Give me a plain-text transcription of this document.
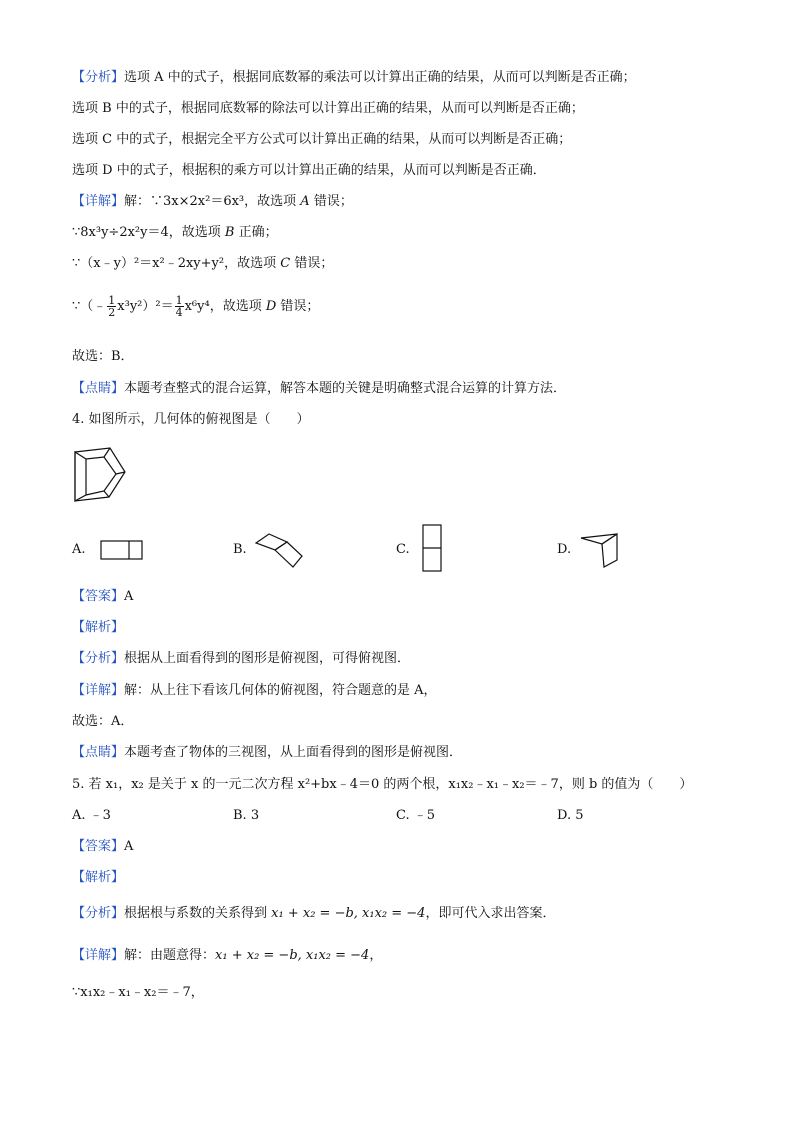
【分析】选项 A 中的式子，根据同底数幂的乘法可以计算出正确的结果，从而可以判断是否正确；
选项 B 中的式子，根据同底数幂的除法可以计算出正确的结果，从而可以判断是否正确；
选项 C 中的式子，根据完全平方公式可以计算出正确的结果，从而可以判断是否正确；
选项 D 中的式子，根据积的乘方可以计算出正确的结果，从而可以判断是否正确．
【详解】解：∵3x×2x²＝6x³，故选项 A 错误；
∵8x³y÷2x²y＝4，故选项 B 正确；
∵（x﹣y）²＝x²﹣2xy+y²，故选项 C 错误；
∵（﹣ $\frac{1}{2} x^3y^2)^2= \frac{1}{4} x^6y^4$，故选项 D 错误；
故选：B．
【点睛】本题考查整式的混合运算，解答本题的关键是明确整式混合运算的计算方法．
4. 如图所示，几何体的俯视图是（　　）
A.	B.	C.	D.
【答案】A
【解析】
【分析】根据从上面看得到的图形是俯视图，可得俯视图．
【详解】解：从上往下看该几何体的俯视图，符合题意的是 A，
故选：A．
【点睛】本题考查了物体的三视图，从上面看得到的图形是俯视图．
5. 若 x₁，x₂ 是关于 x 的一元二次方程 x²+bx﹣4＝0 的两个根，x₁x₂﹣x₁﹣x₂＝﹣7，则 b 的值为（　　）
A. ﹣3	B. 3	C. ﹣5	D. 5
【答案】A
【解析】
【分析】根据根与系数的关系得到 x₁ + x₂ = −b, x₁x₂ = −4，即可代入求出答案．
【详解】解：由题意得：x₁ + x₂ = −b, x₁x₂ = −4，
∵x₁x₂﹣x₁﹣x₂＝﹣7，
